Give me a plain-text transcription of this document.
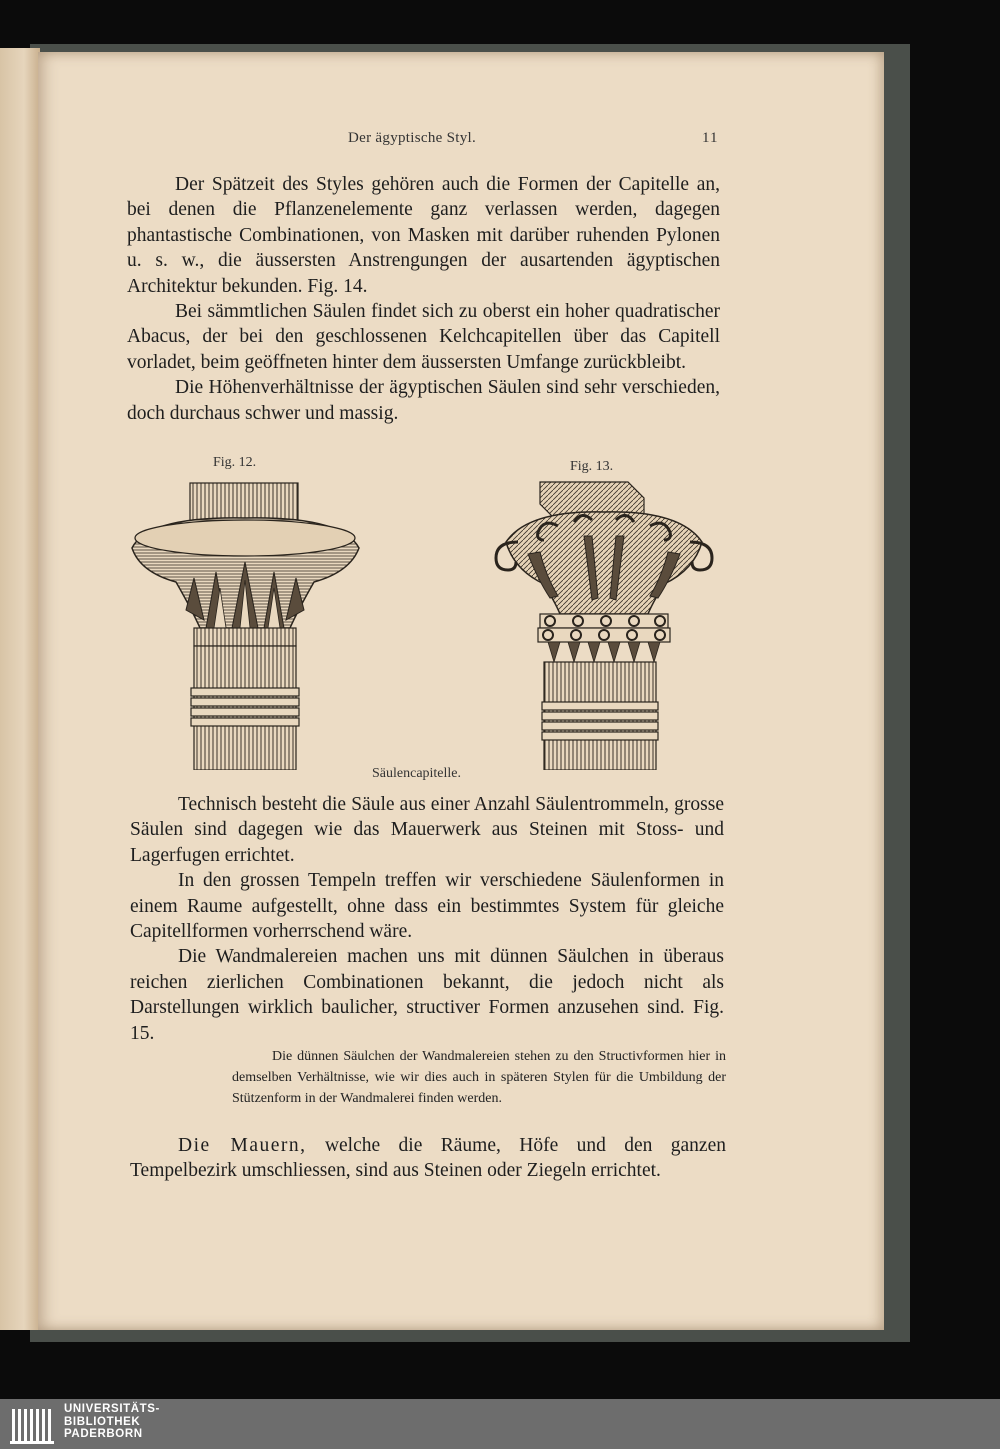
Der ägyptische Styl.	11

Der Spätzeit des Styles gehören auch die Formen der Capitelle an, bei denen die Pflanzenelemente ganz verlassen werden, dagegen phantastische Combinationen, von Masken mit darüber ruhenden Pylonen u. s. w., die äussersten Anstrengungen der ausartenden ägyptischen Architektur bekunden. Fig. 14.

Bei sämmtlichen Säulen findet sich zu oberst ein hoher quadratischer Abacus, der bei den geschlossenen Kelchcapitellen über das Capitell vorladet, beim geöffneten hinter dem äussersten Umfange zurückbleibt.

Die Höhenverhältnisse der ägyptischen Säulen sind sehr verschieden, doch durchaus schwer und massig.

Fig. 12.	Fig. 13.
Säulencapitelle.

Technisch besteht die Säule aus einer Anzahl Säulentrommeln, grosse Säulen sind dagegen wie das Mauerwerk aus Steinen mit Stoss- und Lagerfugen errichtet.

In den grossen Tempeln treffen wir verschiedene Säulenformen in einem Raume aufgestellt, ohne dass ein bestimmtes System für gleiche Capitellformen vorherrschend wäre.

Die Wandmalereien machen uns mit dünnen Säulchen in überaus reichen zierlichen Combinationen bekannt, die jedoch nicht als Darstellungen wirklich baulicher, structiver Formen anzusehen sind. Fig. 15.

Die dünnen Säulchen der Wandmalereien stehen zu den Structivformen hier in demselben Verhältnisse, wie wir dies auch in späteren Stylen für die Umbildung der Stützenform in der Wandmalerei finden werden.

Die Mauern, welche die Räume, Höfe und den ganzen Tempelbezirk umschliessen, sind aus Steinen oder Ziegeln errichtet.

UNIVERSITÄTS-
BIBLIOTHEK
PADERBORN
